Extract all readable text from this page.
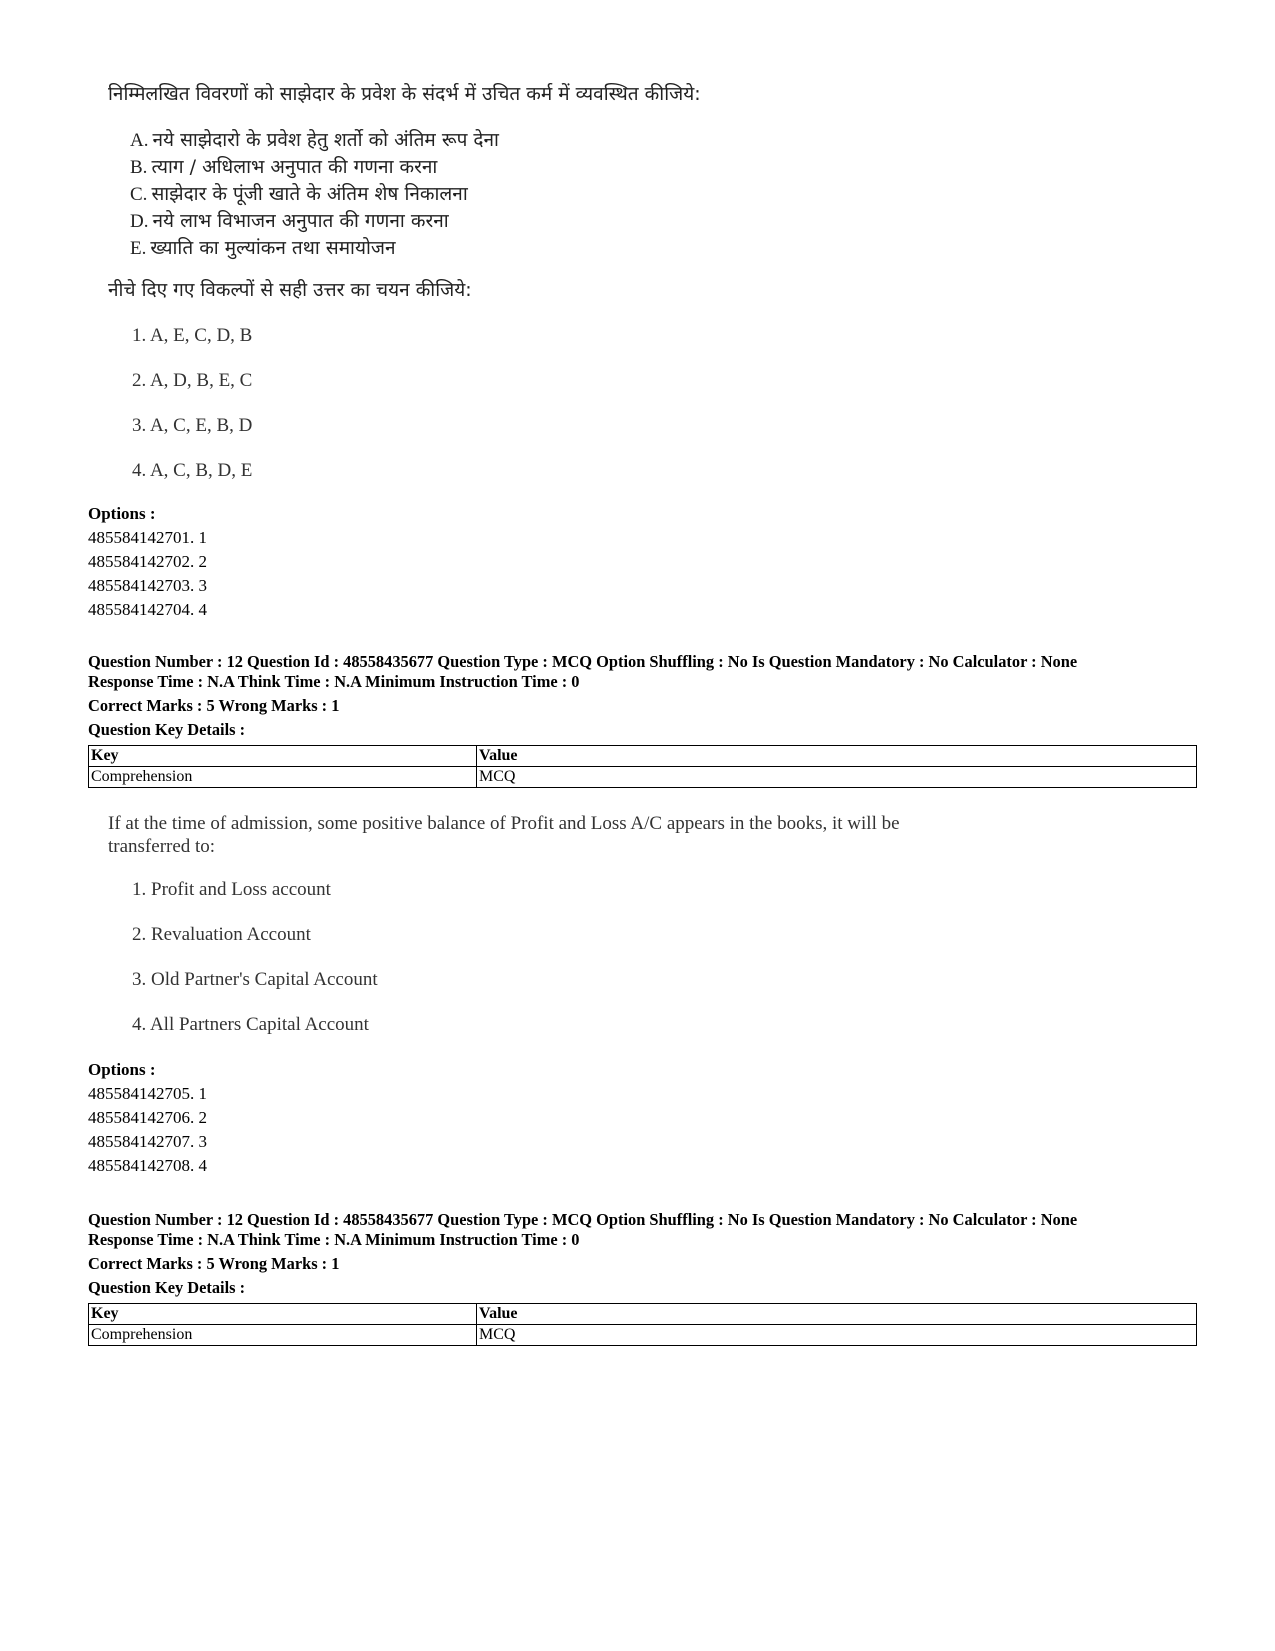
निम्मिलखित विवरणों को साझेदार के प्रवेश के संदर्भ में उचित कर्म में व्यवस्थित कीजिये:
A. नये साझेदारो के प्रवेश हेतु शर्तो को अंतिम रूप देना
B. त्याग / अधिलाभ अनुपात की गणना करना
C. साझेदार के पूंजी खाते के अंतिम शेष निकालना
D. नये लाभ विभाजन अनुपात की गणना करना
E. ख्याति का मुल्यांकन तथा समायोजन
नीचे दिए गए विकल्पों से सही उत्तर का चयन कीजिये:
1. A, E, C, D, B
2. A, D, B, E, C
3. A, C, E, B, D
4. A, C, B, D, E
Options :
485584142701. 1
485584142702. 2
485584142703. 3
485584142704. 4
Question Number : 12 Question Id : 48558435677 Question Type : MCQ Option Shuffling : No Is Question Mandatory : No Calculator : None
Response Time : N.A Think Time : N.A Minimum Instruction Time : 0
Correct Marks : 5 Wrong Marks : 1
Question Key Details :
Key	Value
Comprehension	MCQ
If at the time of admission, some positive balance of Profit and Loss A/C appears in the books, it will be
transferred to:
1. Profit and Loss account
2. Revaluation Account
3. Old Partner's Capital Account
4. All Partners Capital Account
Options :
485584142705. 1
485584142706. 2
485584142707. 3
485584142708. 4
Question Number : 12 Question Id : 48558435677 Question Type : MCQ Option Shuffling : No Is Question Mandatory : No Calculator : None
Response Time : N.A Think Time : N.A Minimum Instruction Time : 0
Correct Marks : 5 Wrong Marks : 1
Question Key Details :
Key	Value
Comprehension	MCQ
